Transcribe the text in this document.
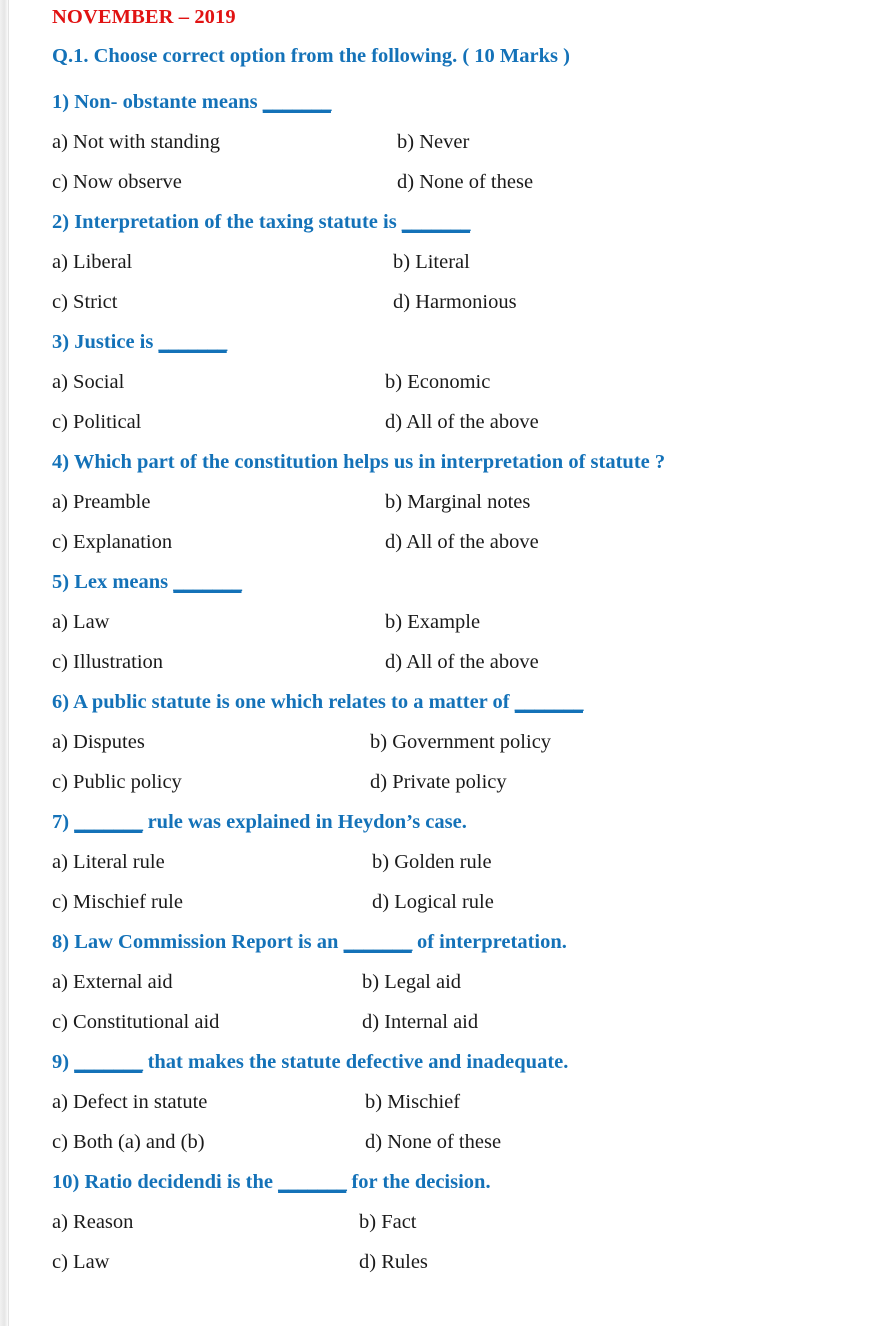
NOVEMBER – 2019
Q.1. Choose correct option from the following. ( 10 Marks )
1) Non- obstante means _______
a) Not with standing	b) Never
c) Now observe	d) None of these
2) Interpretation of the taxing statute is _______
a) Liberal	b) Literal
c) Strict	d) Harmonious
3) Justice is _______
a) Social	b) Economic
c) Political	d) All of the above
4) Which part of the constitution helps us in interpretation of statute ?
a) Preamble	b) Marginal notes
c) Explanation	d) All of the above
5) Lex means _______
a) Law	b) Example
c) Illustration	d) All of the above
6) A public statute is one which relates to a matter of _______
a) Disputes	b) Government policy
c) Public policy	d) Private policy
7) _______ rule was explained in Heydon’s case.
a) Literal rule	b) Golden rule
c) Mischief rule	d) Logical rule
8) Law Commission Report is an _______ of interpretation.
a) External aid	b) Legal aid
c) Constitutional aid	d) Internal aid
9) _______ that makes the statute defective and inadequate.
a) Defect in statute	b) Mischief
c) Both (a) and (b)	d) None of these
10) Ratio decidendi is the _______ for the decision.
a) Reason	b) Fact
c) Law	d) Rules
